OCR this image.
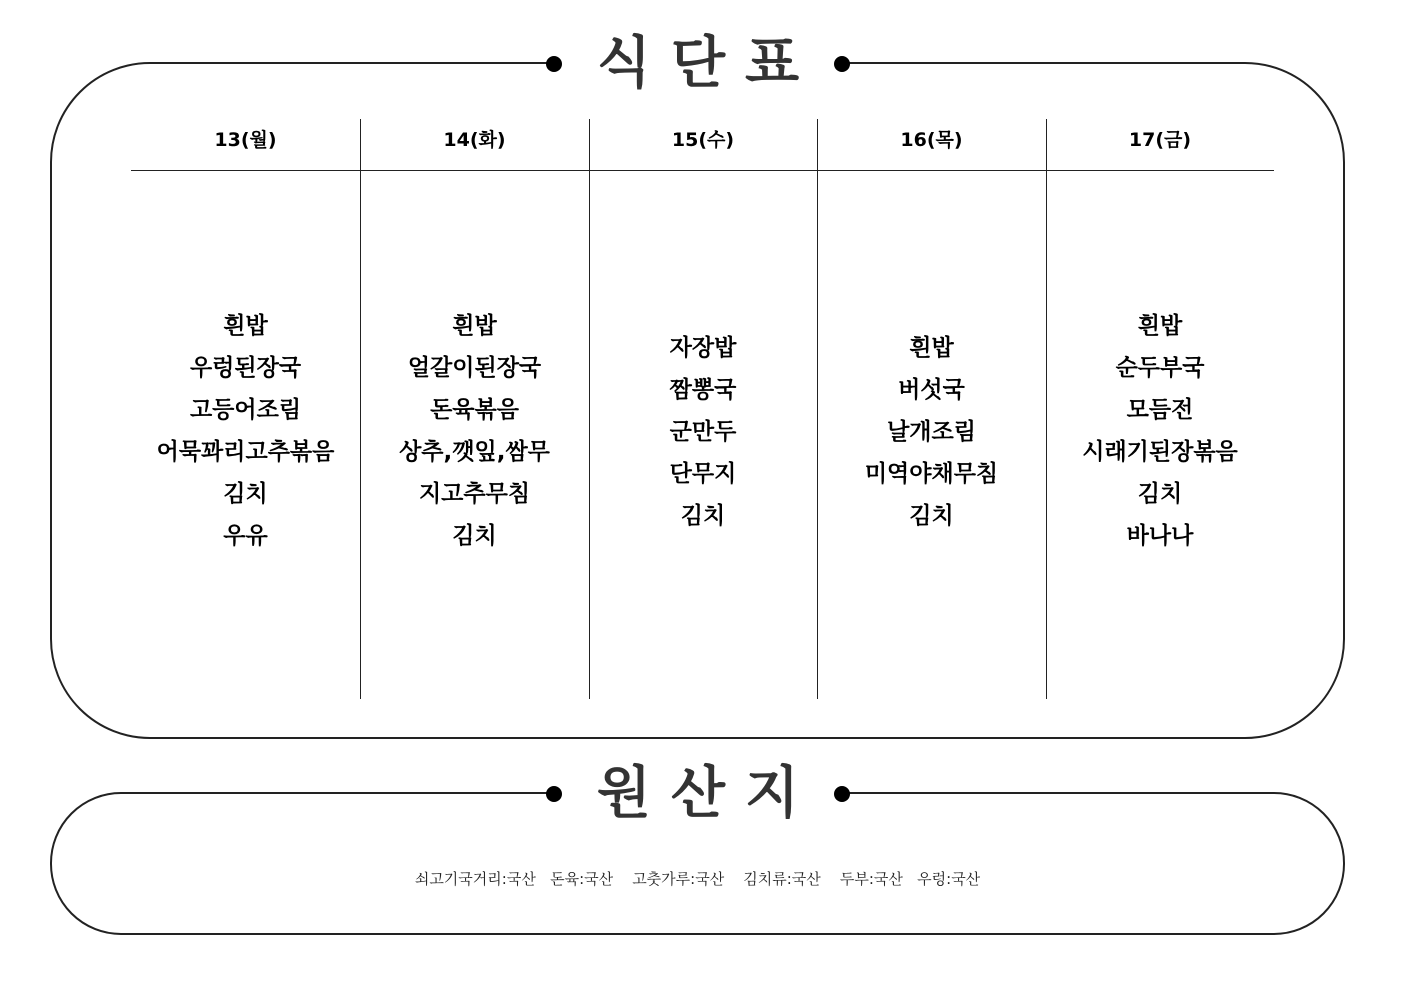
식단표
13(월)
흰밥
우렁된장국
고등어조림
어묵꽈리고추볶음
김치
우유
14(화)
흰밥
얼갈이된장국
돈육볶음
상추,깻잎,쌈무
지고추무침
김치
15(수)
자장밥
짬뽕국
군만두
단무지
김치
16(목)
흰밥
버섯국
날개조림
미역야채무침
김치
17(금)
흰밥
순두부국
모듬전
시래기된장볶음
김치
바나나
원산지
쇠고기국거리:국산   돈육:국산    고춧가루:국산    김치류:국산    두부:국산   우렁:국산
